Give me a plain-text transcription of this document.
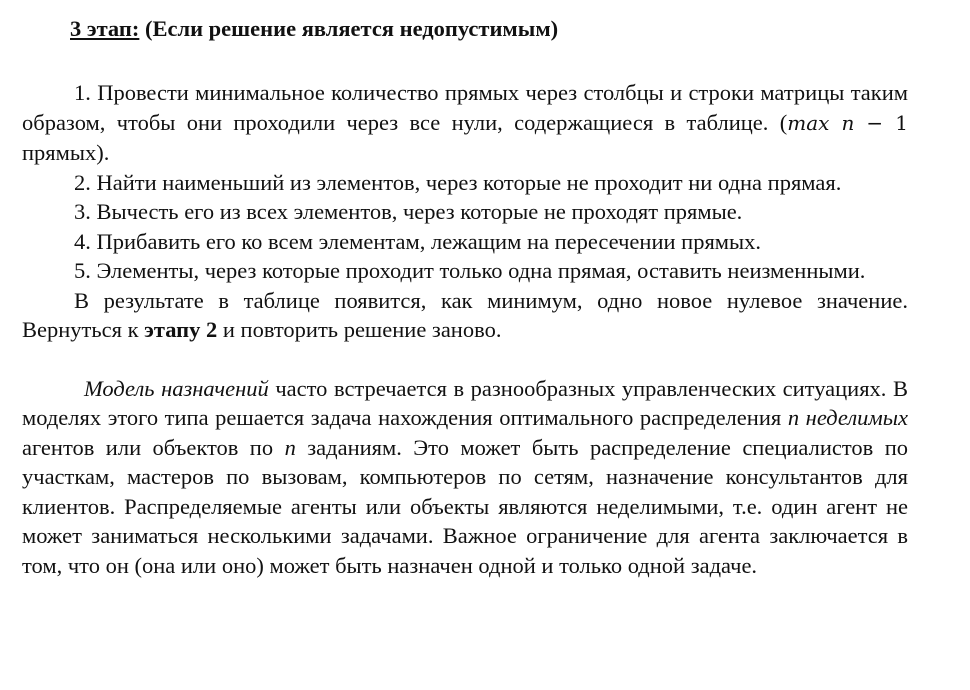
3 этап: (Если решение является недопустимым)

1. Провести минимальное количество прямых через столбцы и строки матрицы таким образом, чтобы они проходили через все нули, содержащиеся в таблице. (max n − 1 прямых).

2. Найти наименьший из элементов, через которые не проходит ни одна прямая.

3. Вычесть его из всех элементов, через которые не проходят прямые.

4. Прибавить его ко всем элементам, лежащим на пересечении прямых.

5. Элементы, через которые проходит только одна прямая, оставить неизменными.

В результате в таблице появится, как минимум, одно новое нулевое значение. Вернуться к этапу 2 и повторить решение заново.

Модель назначений часто встречается в разнообразных управленческих ситуациях. В моделях этого типа решается задача нахождения оптимального распределения n неделимых агентов или объектов по n заданиям. Это может быть распределение специалистов по участкам, мастеров по вызовам, компьютеров по сетям, назначение консультантов для клиентов. Распределяемые агенты или объекты являются неделимыми, т.е. один агент не может заниматься несколькими задачами. Важное ограничение для агента заключается в том, что он (она или оно) может быть назначен одной и только одной задаче.
